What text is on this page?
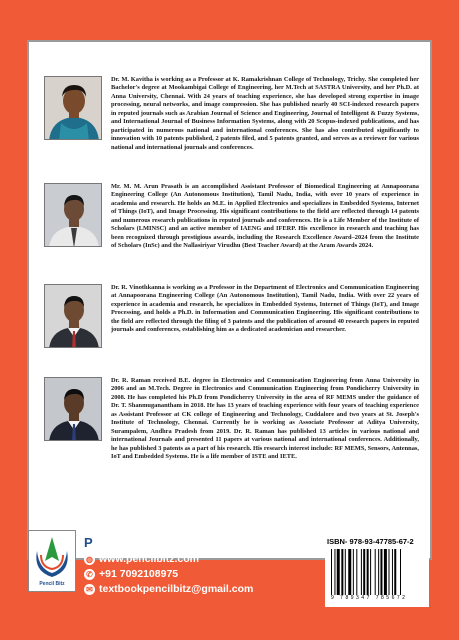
Dr. M. Kavitha is working as a Professor at K. Ramakrishnan College of Technology, Trichy. She completed her Bachelor's degree at Mookambigai College of Engineering, her M.Tech at SASTRA University, and her Ph.D. at Anna University, Chennai. With 24 years of teaching experience, she has developed strong expertise in image processing, neural networks, and image compression. She has published nearly 40 SCI-indexed research papers in reputed journals such as Arabian Journal of Science and Engineering, Journal of Intelligent & Fuzzy Systems, and International Journal of Business Information Systems, along with 20 Scopus-indexed publications, and has participated in numerous national and international conferences. She has also contributed significantly to innovation with 10 patents published, 2 patents filed, and 5 patents granted, and serves as a reviewer for various national and international journals and conferences.
Mr. M. M. Arun Prasath is an accomplished Assistant Professor of Biomedical Engineering at Annapoorana Engineering College (An Autonomous Institution), Tamil Nadu, India, with over 10 years of experience in academia and research. He holds an M.E. in Applied Electronics and specializes in Embedded Systems, Internet of Things (IoT), and Image Processing. His significant contributions to the field are reflected through 14 patents and numerous research publications in reputed journals and conferences. He is a Life Member of the Institute of Scholars (LMINSC) and an active member of IAENG and IFERP. His excellence in research and teaching has been recognized through prestigious awards, including the Research Excellence Award–2024 from the Institute of Scholars (InSc) and the Nallasiriyar Virudhu (Best Teacher Award) at the Aram Awards 2024.
Dr. R. Vinothkanna is working as a Professor in the Department of Electronics and Communication Engineering at Annapoorana Engineering College (An Autonomous Institution), Tamil Nadu, India. With over 22 years of experience in academia and research, he specializes in Embedded Systems, Internet of Things (IoT), and Image Processing, and holds a Ph.D. in Information and Communication Engineering. His significant contributions to the field are reflected through the filing of 3 patents and the publication of around 40 research papers in reputed journals and conferences, establishing him as a dedicated academician and researcher.
Dr. R. Raman received B.E. degree in Electronics and Communication Engineering from Anna University in 2006 and an M.Tech. Degree in Electronics and Communication Engineering from Pondicherry University in 2008. He has completed his Ph.D from Pondicherry University in the area of RF MEMS under the guidance of Dr. T. Shanmuganantham in 2018. He has 13 years of teaching experience with four years of teaching experience as Assistant Professor at CK college of Engineering and Technology, Cuddalore and two years at St. Joseph's Institute of Technology, Chennai. Currently he is working as Associate Professor at Aditya University, Surampalem, Andhra Pradesh from 2019. Dr. R. Raman has published 13 articles in various national and international Journals and presented 11 papers at various national and international conferences. Additionally, he has published 3 patents as a part of his research. His research interest include: RF MEMS, Sensors, Antennas, IoT and Embedded Systems. He is a life member of ISTE and IETE.
Pencil Bitz
Pencil Bitz
◍ www.pencilbitz.com
✆ +91 7092108975
✉ textbookpencilbitz@gmail.com
ISBN- 978-93-47785-67-2
9 789347 785672
